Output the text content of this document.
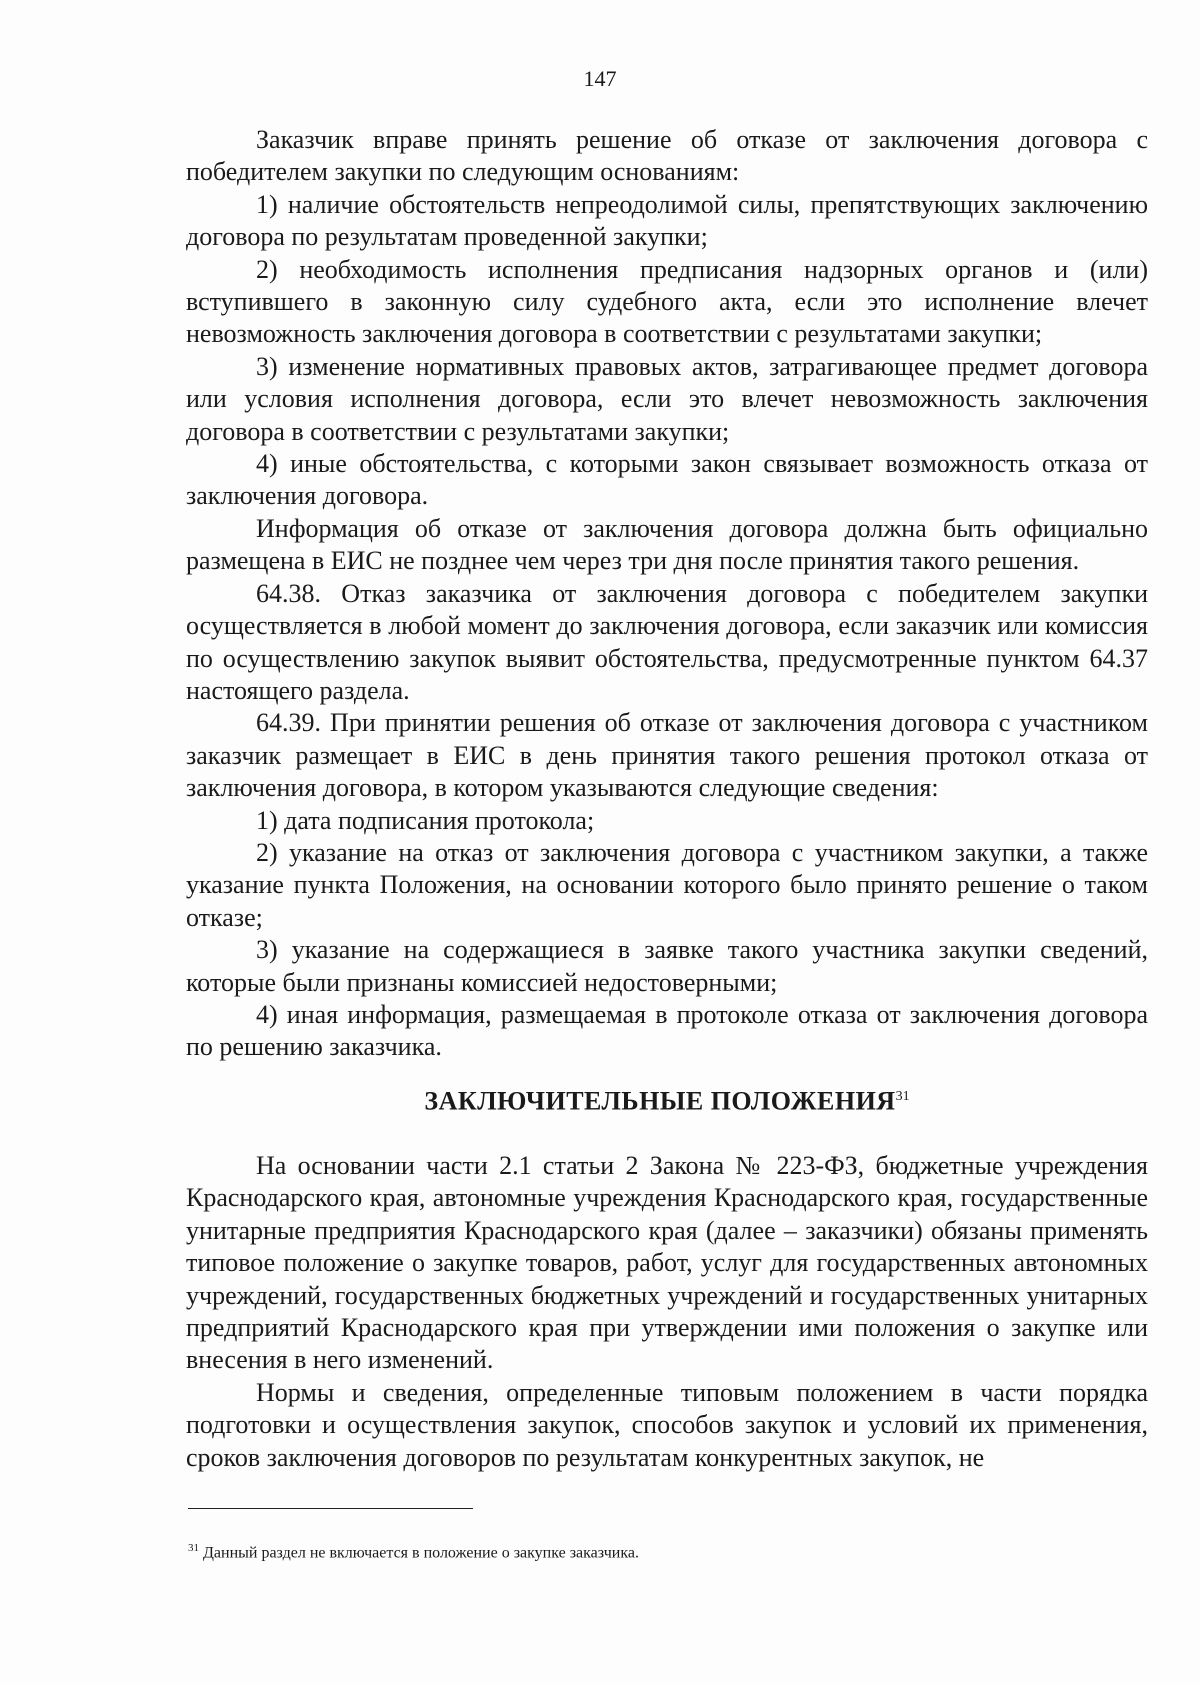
147

Заказчик вправе принять решение об отказе от заключения договора с победителем закупки по следующим основаниям:

1) наличие обстоятельств непреодолимой силы, препятствующих заключению договора по результатам проведенной закупки;

2) необходимость исполнения предписания надзорных органов и (или) вступившего в законную силу судебного акта, если это исполнение влечет невозможность заключения договора в соответствии с результатами закупки;

3) изменение нормативных правовых актов, затрагивающее предмет договора или условия исполнения договора, если это влечет невозможность заключения договора в соответствии с результатами закупки;

4) иные обстоятельства, с которыми закон связывает возможность отказа от заключения договора.

Информация об отказе от заключения договора должна быть официально размещена в ЕИС не позднее чем через три дня после принятия такого решения.

64.38. Отказ заказчика от заключения договора с победителем закупки осуществляется в любой момент до заключения договора, если заказчик или комиссия по осуществлению закупок выявит обстоятельства, предусмотренные пунктом 64.37 настоящего раздела.

64.39. При принятии решения об отказе от заключения договора с участником заказчик размещает в ЕИС в день принятия такого решения протокол отказа от заключения договора, в котором указываются следующие сведения:

1) дата подписания протокола;

2) указание на отказ от заключения договора с участником закупки, а также указание пункта Положения, на основании которого было принято решение о таком отказе;

3) указание на содержащиеся в заявке такого участника закупки сведений, которые были признаны комиссией недостоверными;

4) иная информация, размещаемая в протоколе отказа от заключения договора по решению заказчика.

ЗАКЛЮЧИТЕЛЬНЫЕ ПОЛОЖЕНИЯ$^{31}$

На основании части 2.1 статьи 2 Закона № 223-ФЗ, бюджетные учреждения Краснодарского края, автономные учреждения Краснодарского края, государственные унитарные предприятия Краснодарского края (далее – заказчики) обязаны применять типовое положение о закупке товаров, работ, услуг для государственных автономных учреждений, государственных бюджетных учреждений и государственных унитарных предприятий Краснодарского края при утверждении ими положения о закупке или внесения в него изменений.

Нормы и сведения, определенные типовым положением в части порядка подготовки и осуществления закупок, способов закупок и условий их применения, сроков заключения договоров по результатам конкурентных закупок, не

$^{31}$ Данный раздел не включается в положение о закупке заказчика.
